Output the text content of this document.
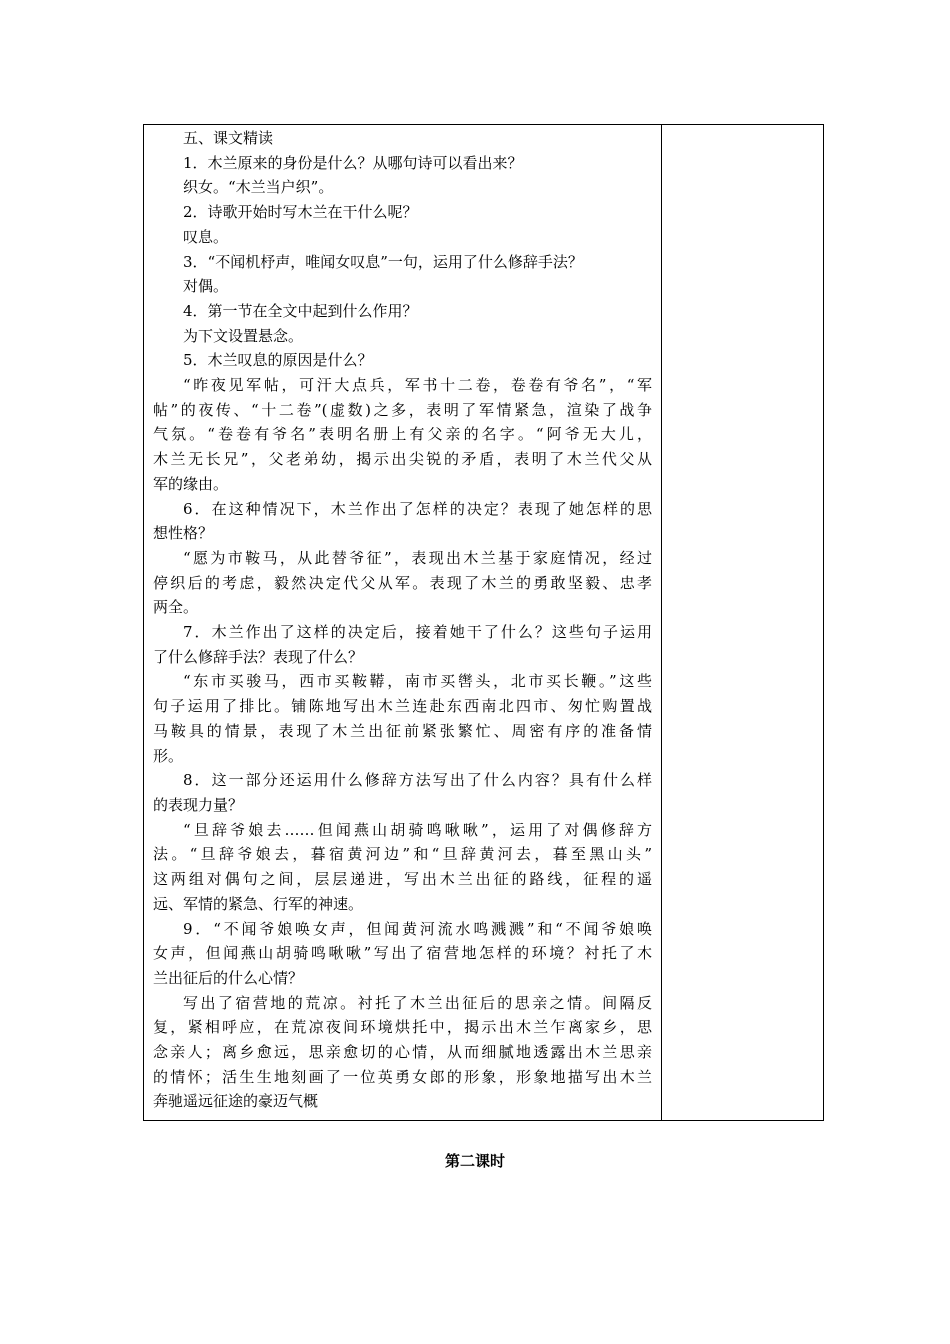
五、课文精读
1．木兰原来的身份是什么？从哪句诗可以看出来？
织女。“木兰当户织”。
2．诗歌开始时写木兰在干什么呢？
叹息。
3．“不闻机杼声，唯闻女叹息”一句，运用了什么修辞手法？
对偶。
4．第一节在全文中起到什么作用？
为下文设置悬念。
5．木兰叹息的原因是什么？
“昨夜见军帖，可汗大点兵，军书十二卷，卷卷有爷名”，“军
帖”的夜传、“十二卷”(虚数)之多，表明了军情紧急，渲染了战争
气氛。“卷卷有爷名”表明名册上有父亲的名字。“阿爷无大儿，
木兰无长兄”，父老弟幼，揭示出尖锐的矛盾，表明了木兰代父从
军的缘由。
6．在这种情况下，木兰作出了怎样的决定？表现了她怎样的思
想性格？
“愿为市鞍马，从此替爷征”，表现出木兰基于家庭情况，经过
停织后的考虑，毅然决定代父从军。表现了木兰的勇敢坚毅、忠孝
两全。
7．木兰作出了这样的决定后，接着她干了什么？这些句子运用
了什么修辞手法？表现了什么？
“东市买骏马，西市买鞍鞯，南市买辔头，北市买长鞭。”这些
句子运用了排比。铺陈地写出木兰连赴东西南北四市、匆忙购置战
马鞍具的情景，表现了木兰出征前紧张繁忙、周密有序的准备情
形。
8．这一部分还运用什么修辞方法写出了什么内容？具有什么样
的表现力量？
“旦辞爷娘去……但闻燕山胡骑鸣啾啾”，运用了对偶修辞方
法。“旦辞爷娘去，暮宿黄河边”和“旦辞黄河去，暮至黑山头”
这两组对偶句之间，层层递进，写出木兰出征的路线，征程的遥
远、军情的紧急、行军的神速。
9．“不闻爷娘唤女声，但闻黄河流水鸣溅溅”和“不闻爷娘唤
女声，但闻燕山胡骑鸣啾啾”写出了宿营地怎样的环境？衬托了木
兰出征后的什么心情？
写出了宿营地的荒凉。衬托了木兰出征后的思亲之情。间隔反
复，紧相呼应，在荒凉夜间环境烘托中，揭示出木兰乍离家乡，思
念亲人；离乡愈远，思亲愈切的心情，从而细腻地透露出木兰思亲
的情怀；活生生地刻画了一位英勇女郎的形象，形象地描写出木兰
奔驰遥远征途的豪迈气概
第二课时
